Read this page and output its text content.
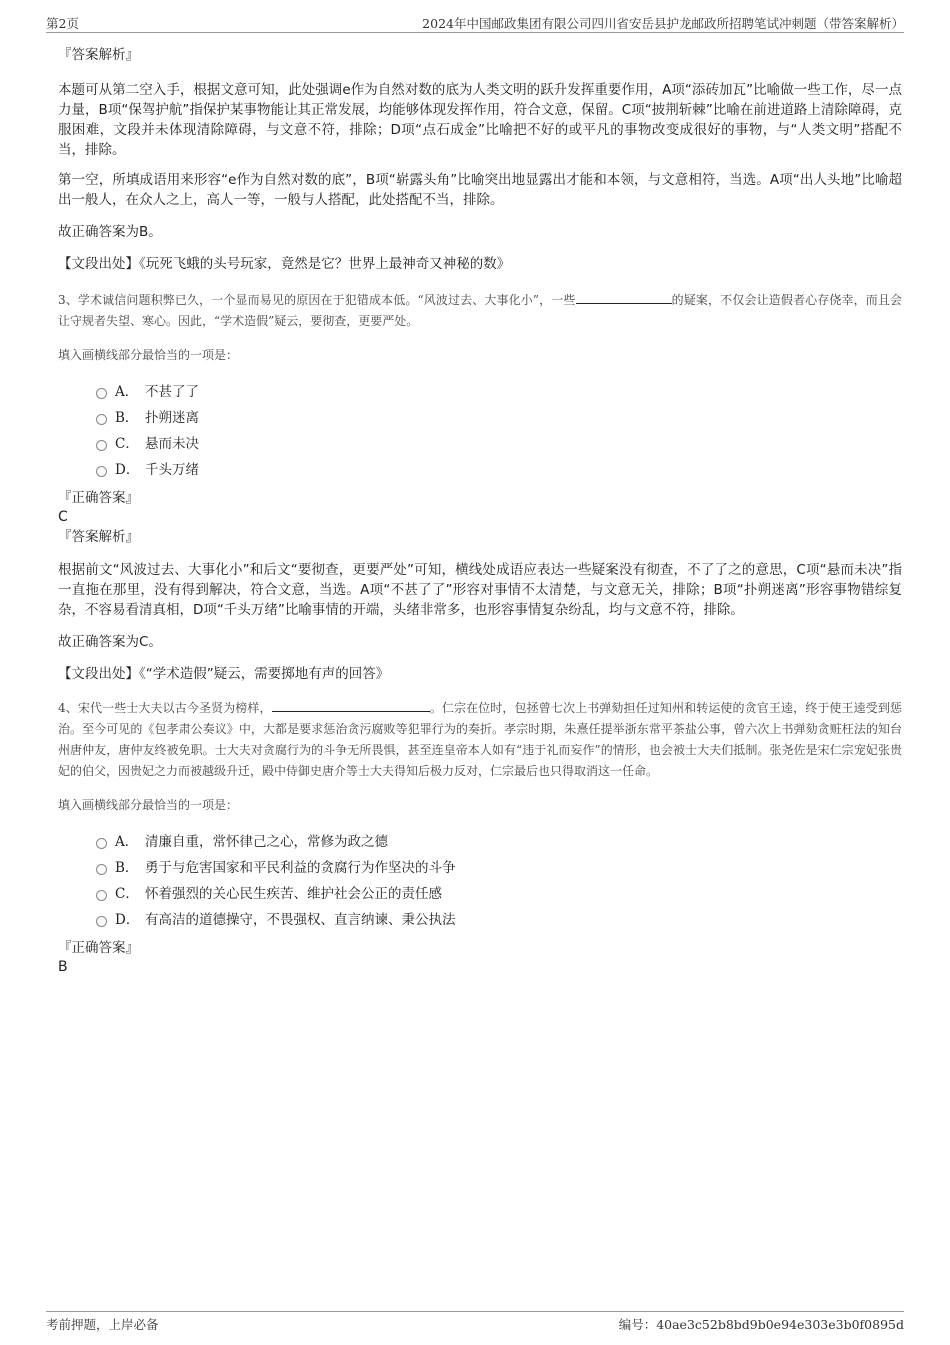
第2页	2024年中国邮政集团有限公司四川省安岳县护龙邮政所招聘笔试冲刺题（带答案解析）

『答案解析』

本题可从第二空入手，根据文意可知，此处强调e作为自然对数的底为人类文明的跃升发挥重要作用，A项“添砖加瓦”比喻做一些工作，尽一点力量，B项“保驾护航”指保护某事物能让其正常发展，均能够体现发挥作用，符合文意，保留。C项“披荆斩棘”比喻在前进道路上清除障碍，克服困难，文段并未体现清除障碍，与文意不符，排除；D项“点石成金”比喻把不好的或平凡的事物改变成很好的事物，与“人类文明”搭配不当，排除。

第一空，所填成语用来形容“e作为自然对数的底”，B项“崭露头角”比喻突出地显露出才能和本领，与文意相符，当选。A项“出人头地”比喻超出一般人，在众人之上，高人一等，一般与人搭配，此处搭配不当，排除。

故正确答案为B。

【文段出处】《玩死飞蛾的头号玩家，竟然是它？世界上最神奇又神秘的数》

3、学术诚信问题积弊已久，一个显而易见的原因在于犯错成本低。“风波过去、大事化小”，一些	的疑案，不仅会让造假者心存侥幸，而且会让守规者失望、寒心。因此，“学术造假”疑云，要彻查，更要严处。

填入画横线部分最恰当的一项是：

A． 不甚了了
B． 扑朔迷离
C． 悬而未决
D． 千头万绪

『正确答案』

C

『答案解析』

根据前文“风波过去、大事化小”和后文“要彻查，更要严处”可知，横线处成语应表达一些疑案没有彻查，不了了之的意思，C项“悬而未决”指一直拖在那里，没有得到解决，符合文意，当选。A项“不甚了了”形容对事情不太清楚，与文意无关，排除；B项“扑朔迷离”形容事物错综复杂，不容易看清真相，D项“千头万绪”比喻事情的开端，头绪非常多，也形容事情复杂纷乱，均与文意不符，排除。

故正确答案为C。

【文段出处】《“学术造假”疑云，需要掷地有声的回答》

4、宋代一些士大夫以古今圣贤为榜样，	。仁宗在位时，包拯曾七次上书弹劾担任过知州和转运使的贪官王逵，终于使王逵受到惩治。至今可见的《包孝肃公奏议》中，大都是要求惩治贪污腐败等犯罪行为的奏折。孝宗时期，朱熹任提举浙东常平茶盐公事，曾六次上书弹劾贪赃枉法的知台州唐仲友，唐仲友终被免职。士大夫对贪腐行为的斗争无所畏惧，甚至连皇帝本人如有“违于礼而妄作”的情形，也会被士大夫们抵制。张尧佐是宋仁宗宠妃张贵妃的伯父，因贵妃之力而被越级升迁，殿中侍御史唐介等士大夫得知后极力反对，仁宗最后也只得取消这一任命。

填入画横线部分最恰当的一项是：

A． 清廉自重，常怀律己之心，常修为政之德
B． 勇于与危害国家和平民利益的贪腐行为作坚决的斗争
C． 怀着强烈的关心民生疾苦、维护社会公正的责任感
D． 有高洁的道德操守，不畏强权、直言纳谏、秉公执法

『正确答案』

B

考前押题，上岸必备	编号：40ae3c52b8bd9b0e94e303e3b0f0895d
